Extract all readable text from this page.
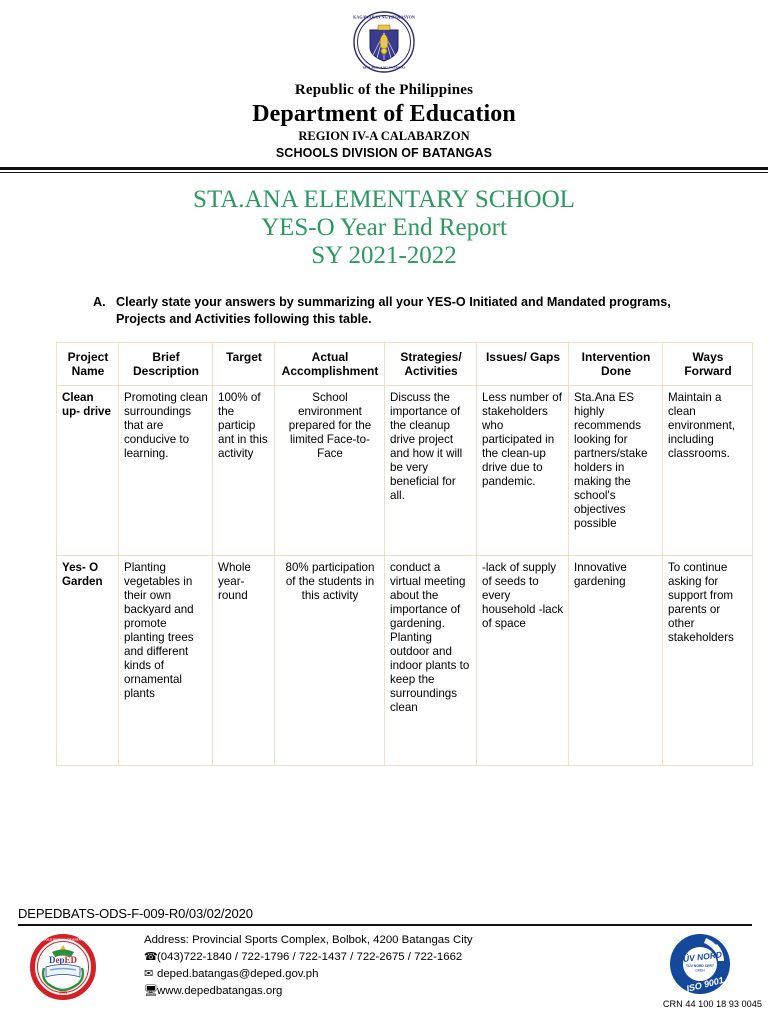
· KAGAWARAN NG EDUKASYON ·
REPUBLIKA NG PILIPINAS
Republic of the Philippines
Department of Education
REGION IV-A CALABARZON
SCHOOLS DIVISION OF BATANGAS
STA.ANA ELEMENTARY SCHOOL
YES-O Year End Report
SY 2021-2022
A. Clearly state your answers by summarizing all your YES-O Initiated and Mandated programs, Projects and Activities following this table.
Project Name	Brief Description	Target	Actual Accomplishment	Strategies/ Activities	Issues/ Gaps	Intervention Done	Ways Forward
Clean up- drive	Promoting clean surroundings that are conducive to learning.	100% of the particip ant in this activity	School environment prepared for the limited Face-to-Face	Discuss the importance of the cleanup drive project and how it will be very beneficial for all.	Less number of stakeholders who participated in the clean-up drive due to pandemic.	Sta.Ana ES highly recommends looking for partners/stake holders in making the school's objectives possible	Maintain a clean environment, including classrooms.
Yes- O Garden	Planting vegetables in their own backyard and promote planting trees and different kinds of ornamental plants	Whole year-round	80% participation of the students in this activity	conduct a virtual meeting about the importance of gardening. Planting outdoor and indoor plants to keep the surroundings clean	-lack of supply of seeds to every household -lack of space	Innovative gardening	To continue asking for support from parents or other stakeholders
DEPEDBATS-ODS-F-009-R0/03/02/2020
SCHOOLS DIVISION OF BATANGAS
DepED
1905
Address: Provincial Sports Complex, Bolbok, 4200 Batangas City
☎(043)722-1840 / 722-1796 / 722-1437 / 722-2675 / 722-1662
✉ deped.batangas@deped.gov.ph
🖥www.depedbatangas.org
TÜV NORD
TÜV NORD CERT
GMBH
ISO 9001
CRN 44 100 18 93 0045
